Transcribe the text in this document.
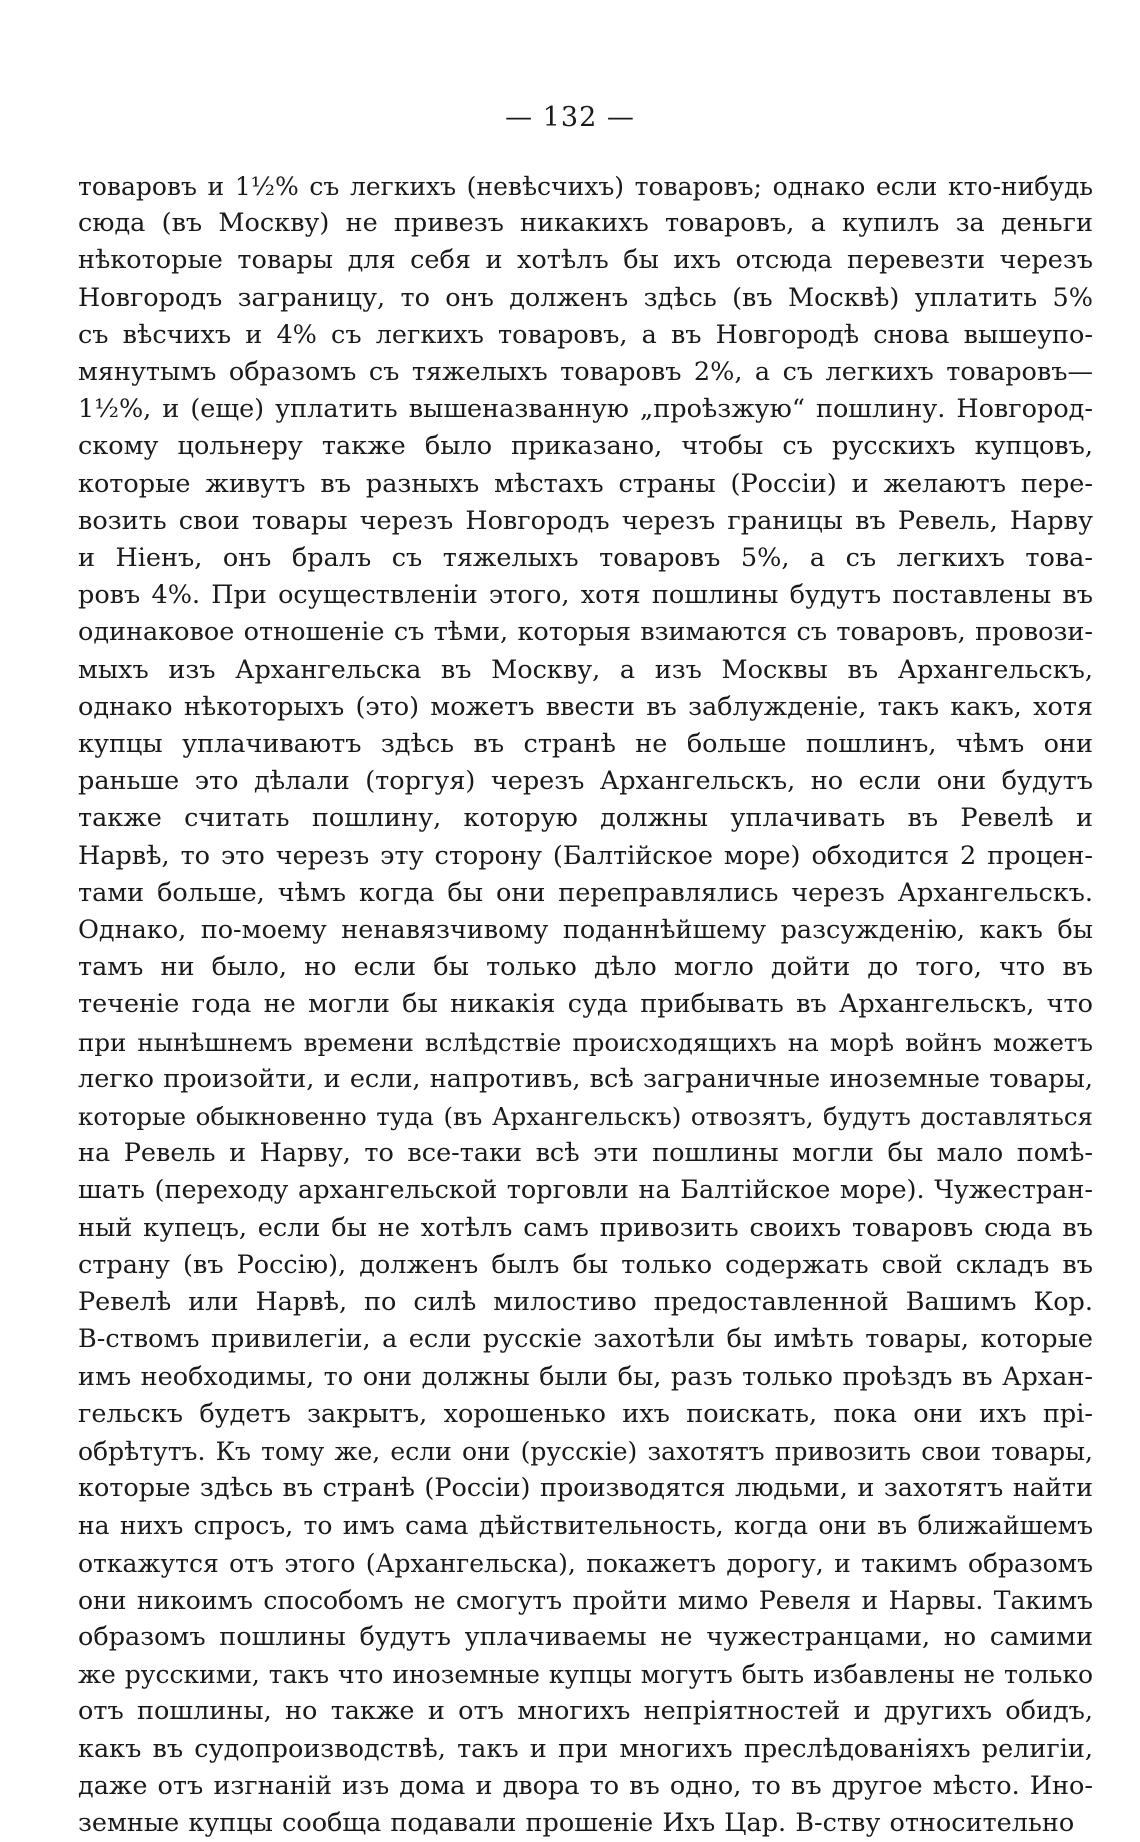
— 132 —
товаровъ и 1½% съ легкихъ (невѣсчихъ) товаровъ; однако если кто-нибудь
сюда (въ Москву) не привезъ никакихъ товаровъ, а купилъ за деньги
нѣкоторые товары для себя и хотѣлъ бы ихъ отсюда перевезти черезъ
Новгородъ заграницу, то онъ долженъ здѣсь (въ Москвѣ) уплатить 5%
съ вѣсчихъ и 4% съ легкихъ товаровъ, а въ Новгородѣ снова вышеупо-
мянутымъ образомъ съ тяжелыхъ товаровъ 2%, а съ легкихъ товаровъ—
1½%, и (еще) уплатить вышеназванную „проѣзжую“ пошлину. Новгород-
скому цольнеру также было приказано, чтобы съ русскихъ купцовъ,
которые живутъ въ разныхъ мѣстахъ страны (Россіи) и желаютъ пере-
возить свои товары черезъ Новгородъ черезъ границы въ Ревель, Нарву
и Ніенъ, онъ бралъ съ тяжелыхъ товаровъ 5%, а съ легкихъ това-
ровъ 4%. При осуществленіи этого, хотя пошлины будутъ поставлены въ
одинаковое отношеніе съ тѣми, которыя взимаются съ товаровъ, провози-
мыхъ изъ Архангельска въ Москву, а изъ Москвы въ Архангельскъ,
однако нѣкоторыхъ (это) можетъ ввести въ заблужденіе, такъ какъ, хотя
купцы уплачиваютъ здѣсь въ странѣ не больше пошлинъ, чѣмъ они
раньше это дѣлали (торгуя) черезъ Архангельскъ, но если они будутъ
также считать пошлину, которую должны уплачивать въ Ревелѣ и
Нарвѣ, то это черезъ эту сторону (Балтійское море) обходится 2 процен-
тами больше, чѣмъ когда бы они переправлялись черезъ Архангельскъ.
Однако, по-моему ненавязчивому поданнѣйшему разсужденію, какъ бы
тамъ ни было, но если бы только дѣло могло дойти до того, что въ
теченіе года не могли бы никакія суда прибывать въ Архангельскъ, что
при нынѣшнемъ времени вслѣдствіе происходящихъ на морѣ войнъ можетъ
легко произойти, и если, напротивъ, всѣ заграничные иноземные товары,
которые обыкновенно туда (въ Архангельскъ) отвозятъ, будутъ доставляться
на Ревель и Нарву, то все-таки всѣ эти пошлины могли бы мало помѣ-
шать (переходу архангельской торговли на Балтійское море). Чужестран-
ный купецъ, если бы не хотѣлъ самъ привозить своихъ товаровъ сюда въ
страну (въ Россію), долженъ былъ бы только содержать свой складъ въ
Ревелѣ или Нарвѣ, по силѣ милостиво предоставленной Вашимъ Кор.
В-ствомъ привилегіи, а если русскіе захотѣли бы имѣть товары, которые
имъ необходимы, то они должны были бы, разъ только проѣздъ въ Архан-
гельскъ будетъ закрытъ, хорошенько ихъ поискать, пока они ихъ прі-
обрѣтутъ. Къ тому же, если они (русскіе) захотятъ привозить свои товары,
которые здѣсь въ странѣ (Россіи) производятся людьми, и захотятъ найти
на нихъ спросъ, то имъ сама дѣйствительность, когда они въ ближайшемъ
откажутся отъ этого (Архангельска), покажетъ дорогу, и такимъ образомъ
они никоимъ способомъ не смогутъ пройти мимо Ревеля и Нарвы. Такимъ
образомъ пошлины будутъ уплачиваемы не чужестранцами, но самими
же русскими, такъ что иноземные купцы могутъ быть избавлены не только
отъ пошлины, но также и отъ многихъ непріятностей и другихъ обидъ,
какъ въ судопроизводствѣ, такъ и при многихъ преслѣдованіяхъ религіи,
даже отъ изгнаній изъ дома и двора то въ одно, то въ другое мѣсто. Ино-
земные купцы сообща подавали прошеніе Ихъ Цар. В-ству относительно
